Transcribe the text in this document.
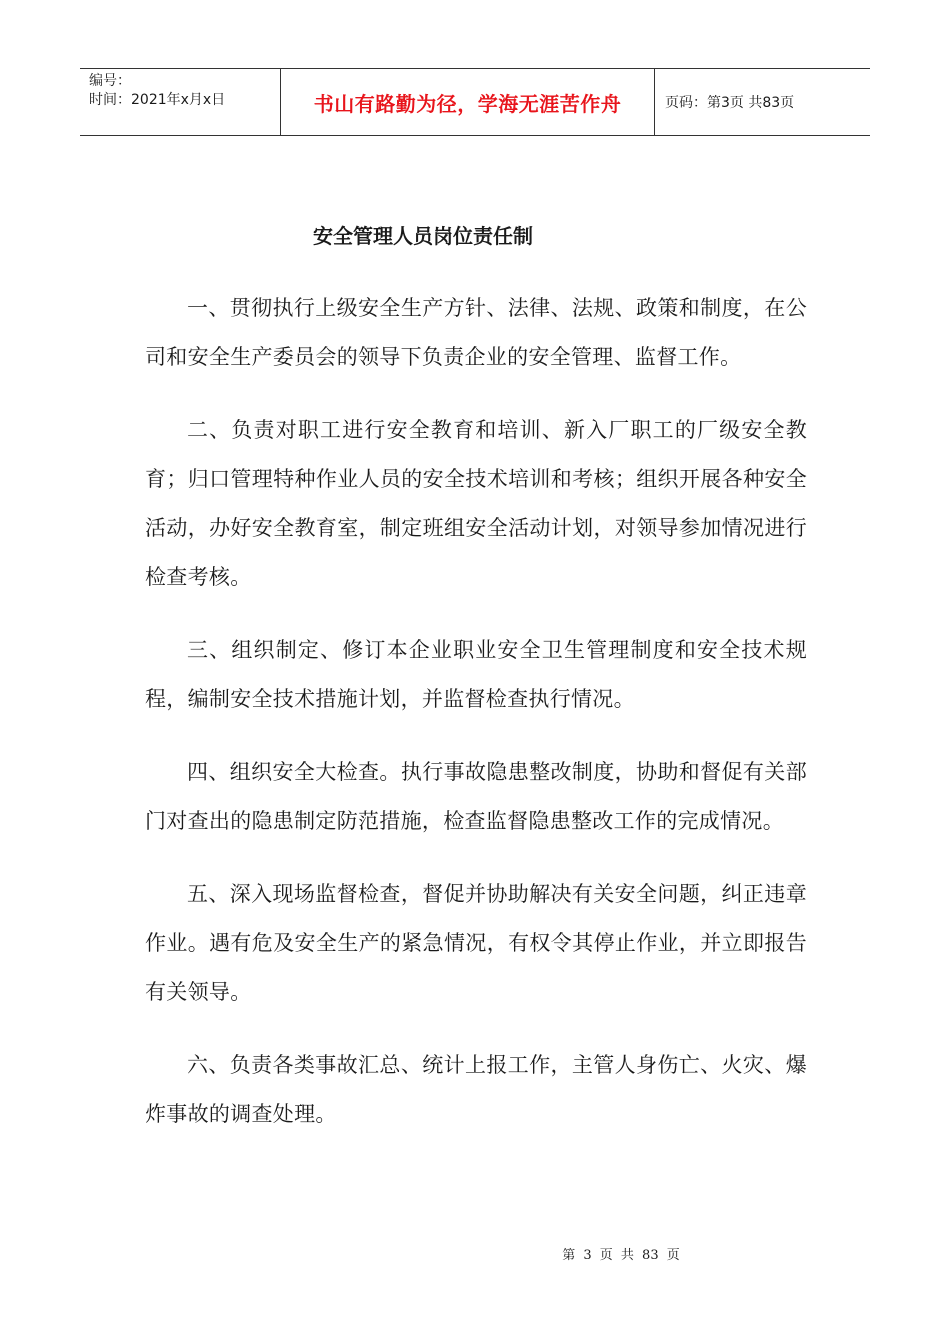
编号：
时间：2021年x月x日	书山有路勤为径，学海无涯苦作舟	页码：第3页 共83页
安全管理人员岗位责任制

一、贯彻执行上级安全生产方针、法律、法规、政策和制度，在公司和安全生产委员会的领导下负责企业的安全管理、监督工作。

二、负责对职工进行安全教育和培训、新入厂职工的厂级安全教育；归口管理特种作业人员的安全技术培训和考核；组织开展各种安全活动，办好安全教育室，制定班组安全活动计划，对领导参加情况进行检查考核。

三、组织制定、修订本企业职业安全卫生管理制度和安全技术规程，编制安全技术措施计划，并监督检查执行情况。

四、组织安全大检查。执行事故隐患整改制度，协助和督促有关部门对查出的隐患制定防范措施，检查监督隐患整改工作的完成情况。

五、深入现场监督检查，督促并协助解决有关安全问题，纠正违章作业。遇有危及安全生产的紧急情况，有权令其停止作业，并立即报告有关领导。

六、负责各类事故汇总、统计上报工作，主管人身伤亡、火灾、爆炸事故的调查处理。

第 3 页 共 83 页
